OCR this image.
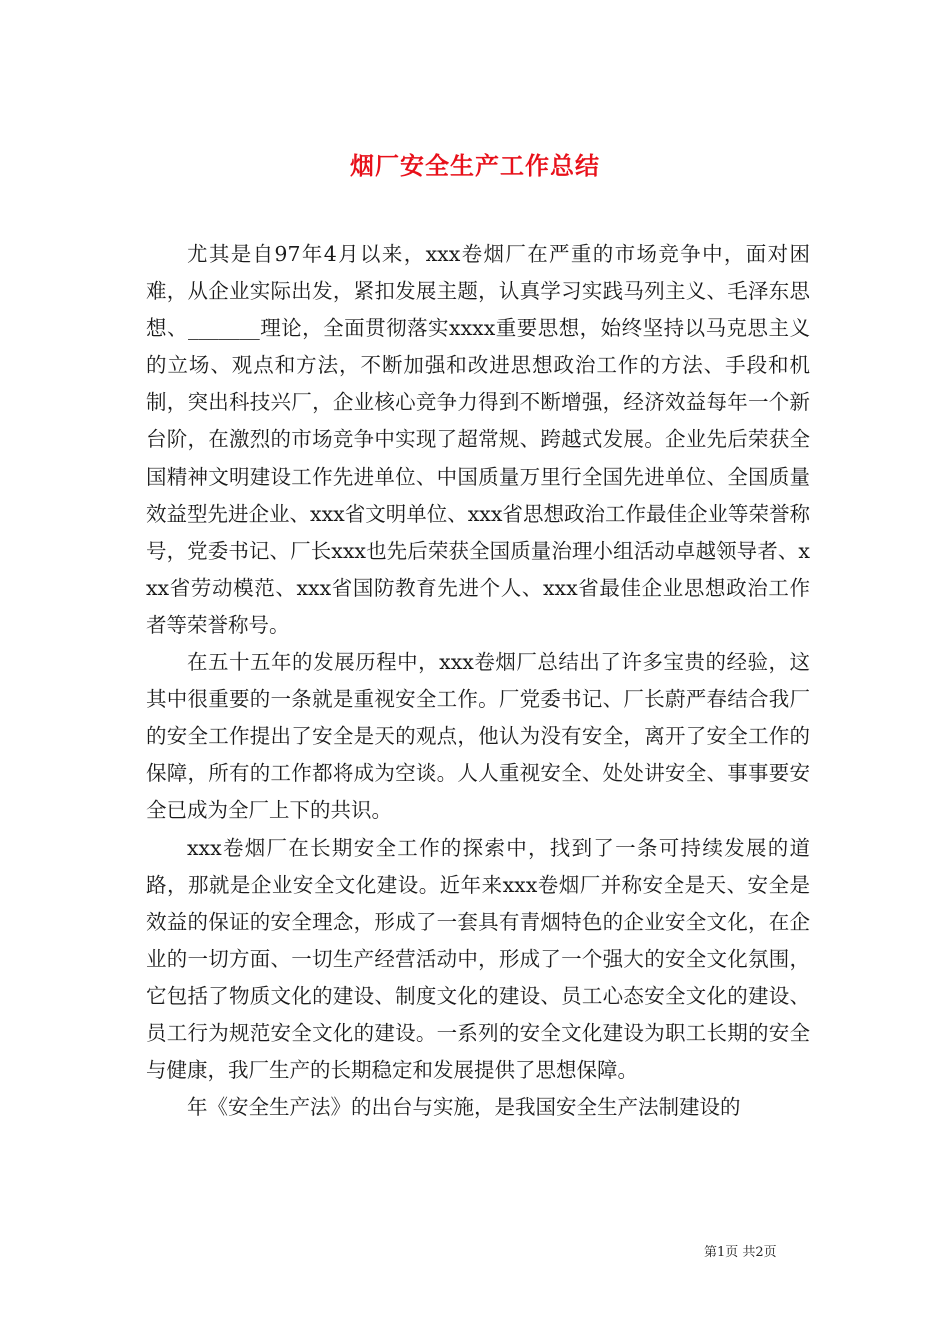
烟厂安全生产工作总结

尤其是自97年4月以来，xxx卷烟厂在严重的市场竞争中，面对困难，从企业实际出发，紧扣发展主题，认真学习实践马列主义、毛泽东思想、_______理论，全面贯彻落实xxxx重要思想，始终坚持以马克思主义的立场、观点和方法，不断加强和改进思想政治工作的方法、手段和机制，突出科技兴厂，企业核心竞争力得到不断增强，经济效益每年一个新台阶，在激烈的市场竞争中实现了超常规、跨越式发展。企业先后荣获全国精神文明建设工作先进单位、中国质量万里行全国先进单位、全国质量效益型先进企业、xxx省文明单位、xxx省思想政治工作最佳企业等荣誉称号，党委书记、厂长xxx也先后荣获全国质量治理小组活动卓越领导者、xxx省劳动模范、xxx省国防教育先进个人、xxx省最佳企业思想政治工作者等荣誉称号。

在五十五年的发展历程中，xxx卷烟厂总结出了许多宝贵的经验，这其中很重要的一条就是重视安全工作。厂党委书记、厂长蔚严春结合我厂的安全工作提出了安全是天的观点，他认为没有安全，离开了安全工作的保障，所有的工作都将成为空谈。人人重视安全、处处讲安全、事事要安全已成为全厂上下的共识。

xxx卷烟厂在长期安全工作的探索中，找到了一条可持续发展的道路，那就是企业安全文化建设。近年来xxx卷烟厂并称安全是天、安全是效益的保证的安全理念，形成了一套具有青烟特色的企业安全文化，在企业的一切方面、一切生产经营活动中，形成了一个强大的安全文化氛围，它包括了物质文化的建设、制度文化的建设、员工心态安全文化的建设、员工行为规范安全文化的建设。一系列的安全文化建设为职工长期的安全与健康，我厂生产的长期稳定和发展提供了思想保障。

年《安全生产法》的出台与实施，是我国安全生产法制建设的

第1页 共2页
